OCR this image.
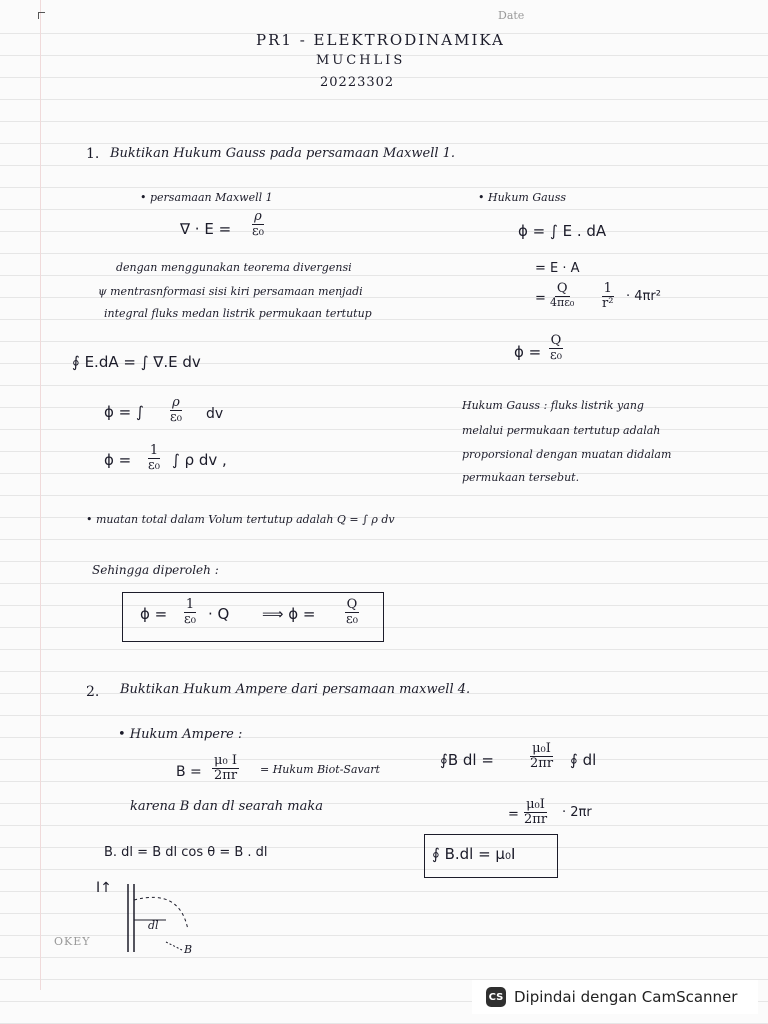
Date
PR1 - ELEKTRODINAMIKA
MUCHLIS
20223302
1. Buktikan Hukum Gauss pada persamaan Maxwell 1.
• persamaan Maxwell 1
∇ · $E = \frac{\rho}{\text{ε₀}}$
• Hukum Gauss
ϕ = ∫ E . dA
= E · A
=
Q
$4\pi\varepsilon_0 \frac{1}{\text{r²}} \cdot 4\pi r^2$
dengan menggunakan teorema divergensi
ψ mentrasnformasi sisi kiri persamaan menjadi
integral fluks medan listrik permukaan tertutup
$\phi = \frac{Q}{\text{ε₀}}$
∮ E.dA = ∫ ∇.E dv
ϕ = ∫ $\frac{\rho}{\text{ε₀}}$ dv
$\phi = \frac{1}{\text{ε₀}}$ ∫ ρ dv ,
Hukum Gauss : fluks listrik yang
melalui permukaan tertutup adalah
proporsional dengan muatan didalam
permukaan tersebut.
• muatan total dalam Volum tertutup adalah Q = ∫ ρ dv
Sehingga diperoleh :
$\phi = \frac{1}{\text{ε₀}} \cdot Q$ ⟹ $\phi = \frac{Q}{\text{ε₀}}$
2. Buktikan Hukum Ampere dari persamaan maxwell 4.
• Hukum Ampere :
$B = \frac{\text{μ₀ I}}{2\pi r}$ = Hukum Biot-Savart
∮B dl =	$\frac{\text{μ₀I}}{2\pi r}$ ∮ dl
karena B dan dl searah maka
= $\frac{\text{μ₀I}}{2\pi r} \cdot 2\pi r$
B. dl = B dl cos θ = B . dl	∮ B.dl = μ₀I
I↑
dl
B
OKEY
CS Dipindai dengan CamScanner
